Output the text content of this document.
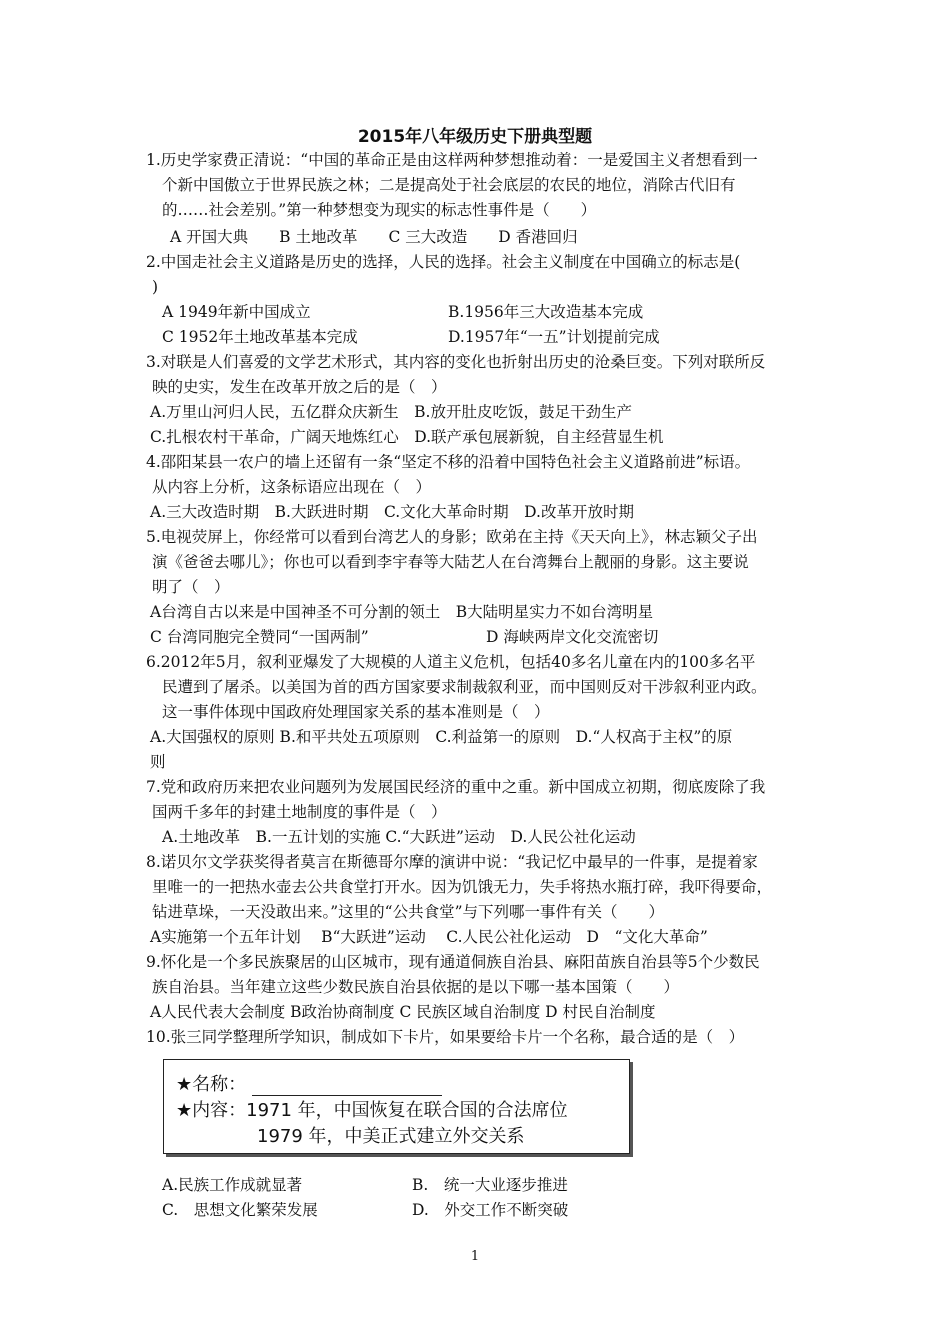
2015年八年级历史下册典型题
1.历史学家费正清说：“中国的革命正是由这样两种梦想推动着：一是爱国主义者想看到一
个新中国傲立于世界民族之林；二是提高处于社会底层的农民的地位，消除古代旧有
的……社会差别。”第一种梦想变为现实的标志性事件是（　　）
A 开国大典　　B 土地改革　　C 三大改造　　D 香港回归
2.中国走社会主义道路是历史的选择，人民的选择。社会主义制度在中国确立的标志是(
)
A 1949年新中国成立	B.1956年三大改造基本完成
C 1952年土地改革基本完成	D.1957年“一五”计划提前完成
3.对联是人们喜爱的文学艺术形式，其内容的变化也折射出历史的沧桑巨变。下列对联所反
映的史实，发生在改革开放之后的是（　）
A.万里山河归人民，五亿群众庆新生　B.放开肚皮吃饭，鼓足干劲生产
C.扎根农村干革命，广阔天地炼红心　D.联产承包展新貌，自主经营显生机
4.邵阳某县一农户的墙上还留有一条“坚定不移的沿着中国特色社会主义道路前进”标语。
从内容上分析，这条标语应出现在（　）
A.三大改造时期　B.大跃进时期　C.文化大革命时期　D.改革开放时期
5.电视荧屏上，你经常可以看到台湾艺人的身影；欧弟在主持《天天向上》，林志颖父子出
演《爸爸去哪儿》；你也可以看到李宇春等大陆艺人在台湾舞台上靓丽的身影。这主要说
明了（　）
A台湾自古以来是中国神圣不可分割的领土　B大陆明星实力不如台湾明星
C 台湾同胞完全赞同“一国两制”	D 海峡两岸文化交流密切
6.2012年5月，叙利亚爆发了大规模的人道主义危机，包括40多名儿童在内的100多名平
民遭到了屠杀。以美国为首的西方国家要求制裁叙利亚，而中国则反对干涉叙利亚内政。
这一事件体现中国政府处理国家关系的基本准则是（　）
A.大国强权的原则 B.和平共处五项原则　C.利益第一的原则　D.“人权高于主权”的原
则
7.党和政府历来把农业问题列为发展国民经济的重中之重。新中国成立初期，彻底废除了我
国两千多年的封建土地制度的事件是（　）
A.土地改革　B.一五计划的实施 C.“大跃进”运动　D.人民公社化运动
8.诺贝尔文学获奖得者莫言在斯德哥尔摩的演讲中说：“我记忆中最早的一件事，是提着家
里唯一的一把热水壶去公共食堂打开水。因为饥饿无力，失手将热水瓶打碎，我吓得要命，
钻进草垛，一天没敢出来。”这里的“公共食堂”与下列哪一事件有关（　　）
A实施第一个五年计划　 B“大跃进”运动　 C.人民公社化运动　D　“文化大革命”
9.怀化是一个多民族聚居的山区城市，现有通道侗族自治县、麻阳苗族自治县等5个少数民
族自治县。当年建立这些少数民族自治县依据的是以下哪一基本国策（　　）
A人民代表大会制度 B政治协商制度 C 民族区域自治制度 D 村民自治制度
10.张三同学整理所学知识，制成如下卡片，如果要给卡片一个名称，最合适的是（　）
A.民族工作成就显著	B.　统一大业逐步推进
C.　思想文化繁荣发展	D.　外交工作不断突破
★名称：
★内容：1971 年，中国恢复在联合国的合法席位
1979 年，中美正式建立外交关系
1
